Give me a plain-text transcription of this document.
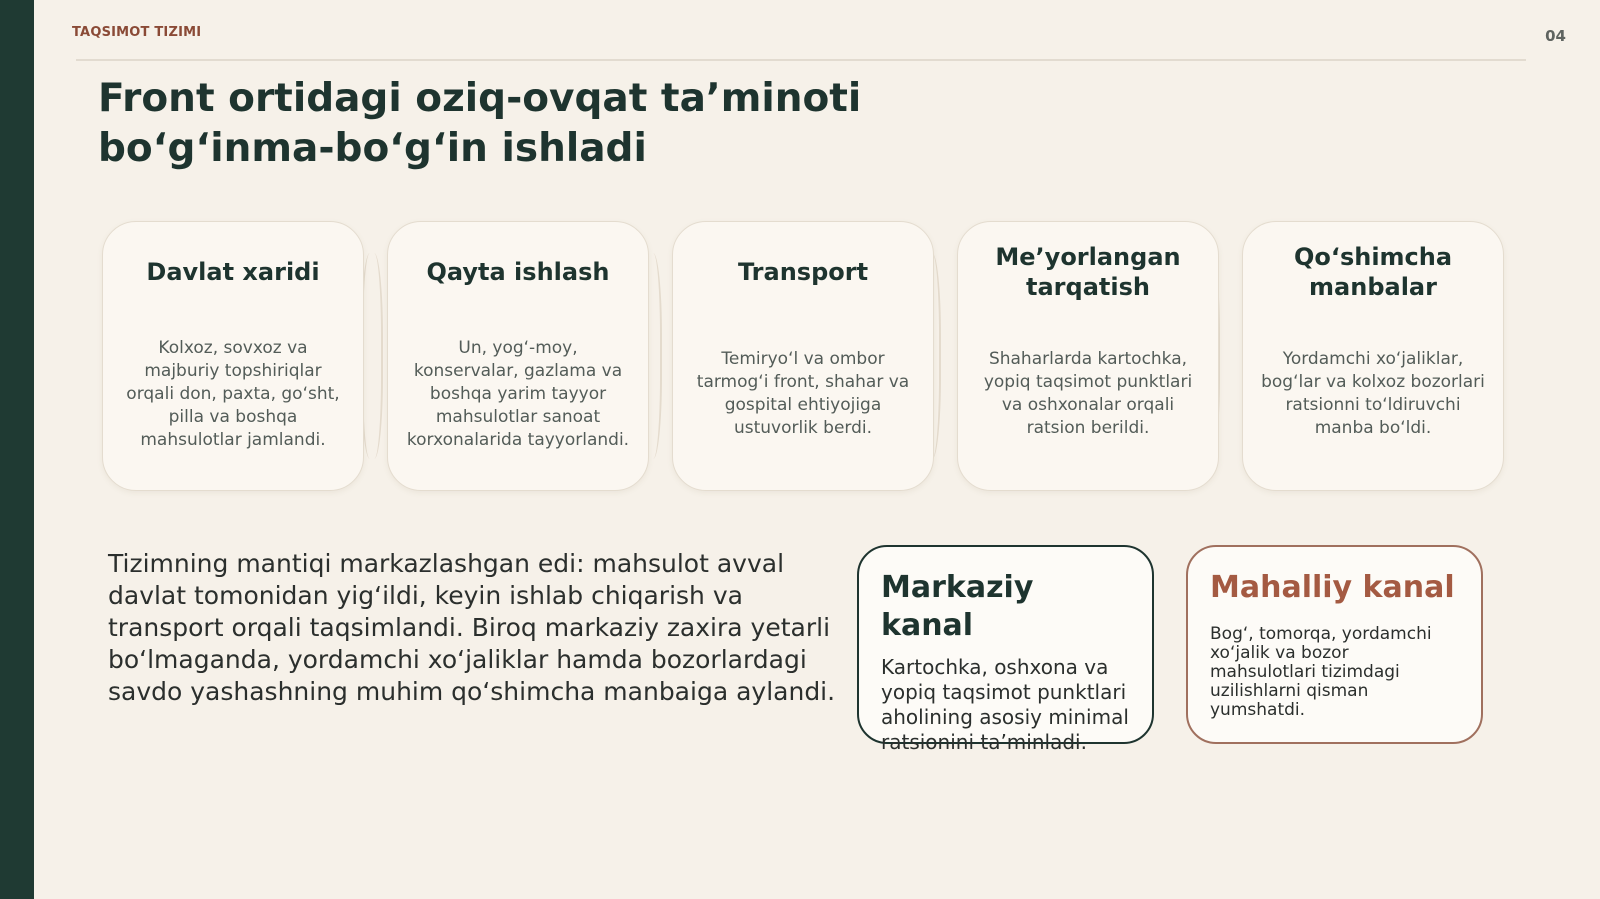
TAQSIMOT TIZIMI	04
Front ortidagi oziq-ovqat ta’minoti bo‘g‘inma-bo‘g‘in ishladi
Davlat xaridi
Kolxoz, sovxoz va majburiy topshiriqlar orqali don, paxta, go‘sht, pilla va boshqa mahsulotlar jamlandi.
Qayta ishlash
Un, yog‘-moy, konservalar, gazlama va boshqa yarim tayyor mahsulotlar sanoat korxonalarida tayyorlandi.
Transport
Temiryo‘l va ombor tarmog‘i front, shahar va gospital ehtiyojiga ustuvorlik berdi.
Me’yorlangan tarqatish
Shaharlarda kartochka, yopiq taqsimot punktlari va oshxonalar orqali ratsion berildi.
Qo‘shimcha manbalar
Yordamchi xo‘jaliklar, bog‘lar va kolxoz bozorlari ratsionni to‘ldiruvchi manba bo‘ldi.

Tizimning mantiqi markazlashgan edi: mahsulot avval davlat tomonidan yig‘ildi, keyin ishlab chiqarish va transport orqali taqsimlandi. Biroq markaziy zaxira yetarli bo‘lmaganda, yordamchi xo‘jaliklar hamda bozorlardagi savdo yashashning muhim qo‘shimcha manbaiga aylandi.

Markaziy kanal
Kartochka, oshxona va yopiq taqsimot punktlari aholining asosiy minimal ratsionini ta’minladi.
Mahalliy kanal
Bog‘, tomorqa, yordamchi xo‘jalik va bozor mahsulotlari tizimdagi uzilishlarni qisman yumshatdi.
